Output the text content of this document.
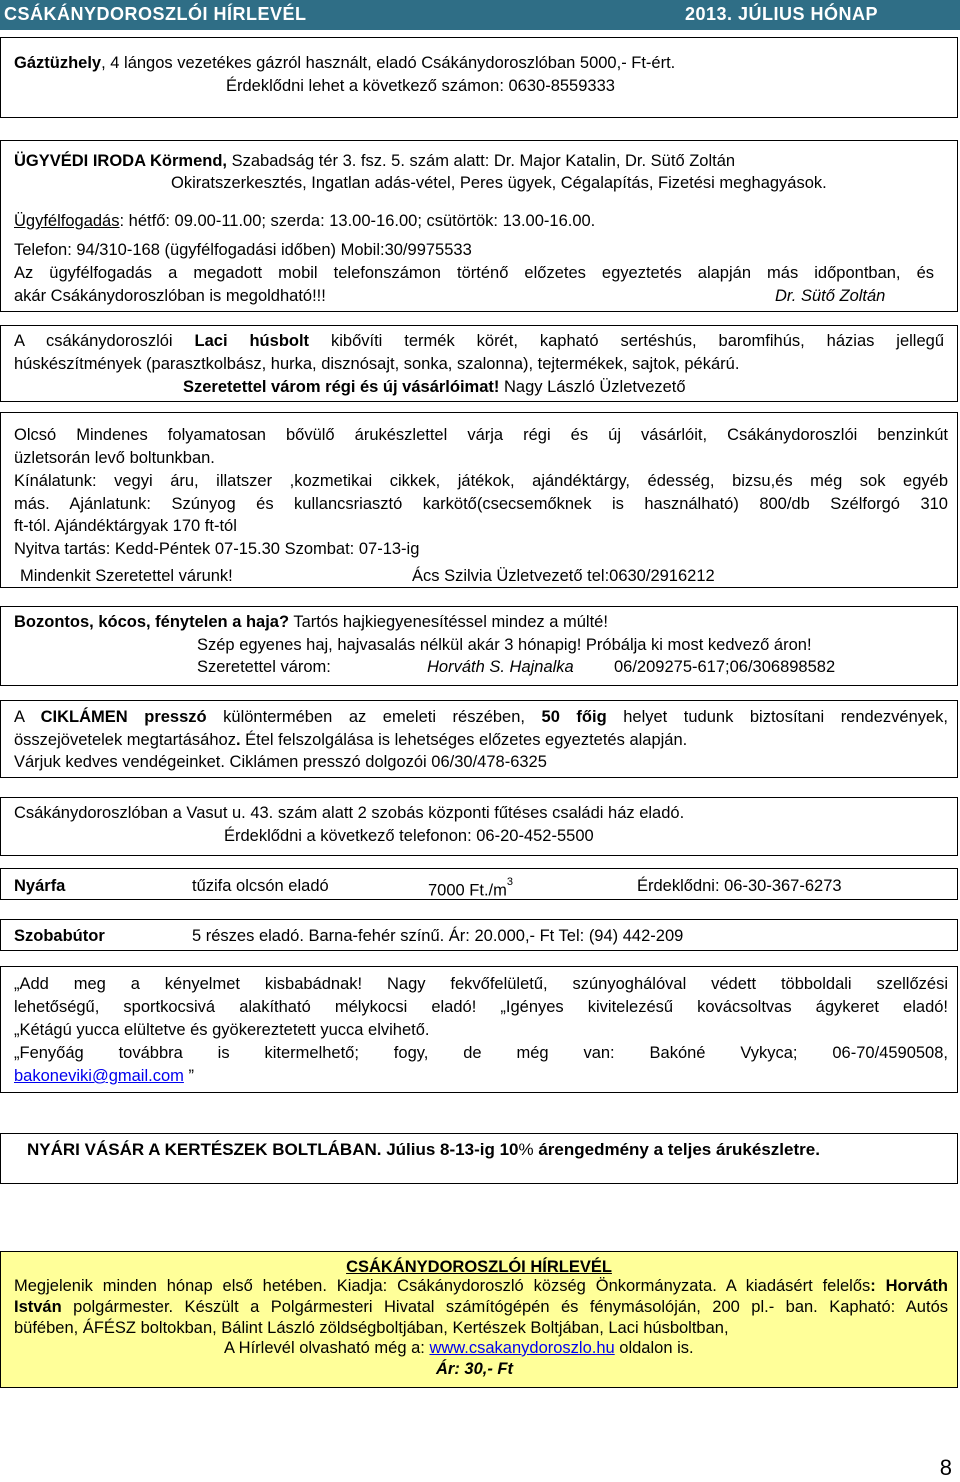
CSÁKÁNYDOROSZLÓI HÍRLEVÉL	2013. JÚLIUS HÓNAP
Gáztüzhely, 4 lángos vezetékes gázról használt, eladó Csákánydoroszlóban 5000,- Ft-ért.
Érdeklődni lehet a következő számon: 0630-8559333
ÜGYVÉDI IRODA Körmend, Szabadság tér 3. fsz. 5. szám alatt: Dr. Major Katalin, Dr. Sütő Zoltán
Okiratszerkesztés, Ingatlan adás-vétel, Peres ügyek, Cégalapítás, Fizetési meghagyások.
Ügyfélfogadás: hétfő: 09.00-11.00; szerda: 13.00-16.00; csütörtök: 13.00-16.00.
Telefon: 94/310-168 (ügyfélfogadási időben) Mobil:30/9975533
Az ügyfélfogadás a megadott mobil telefonszámon történő előzetes egyeztetés alapján más időpontban, és
akár Csákánydoroszlóban is megoldható!!!	Dr. Sütő Zoltán
A csákánydoroszlói Laci húsbolt kibővíti termék körét, kapható sertéshús, baromfihús, házias jellegű
húskészítmények (parasztkolbász, hurka, disznósajt, sonka, szalonna), tejtermékek, sajtok, pékárú.
Szeretettel várom régi és új vásárlóimat! Nagy László Üzletvezető
Olcsó Mindenes folyamatosan bővülő árukészlettel várja régi és új vásárlóit, Csákánydoroszlói benzinkút
üzletsorán levő boltunkban.
Kínálatunk: vegyi áru, illatszer ,kozmetikai cikkek, játékok, ajándéktárgy, édesség, bizsu,és még sok egyéb
más. Ajánlatunk: Szúnyog és kullancsriasztó karkötő(csecsemőknek is használható) 800/db Szélforgó 310
ft-tól. Ajándéktárgyak 170 ft-tól
Nyitva tartás: Kedd-Péntek 07-15.30 Szombat: 07-13-ig
Mindenkit Szeretettel várunk!	Ács Szilvia Üzletvezető tel:0630/2916212
Bozontos, kócos, fénytelen a haja? Tartós hajkiegyenesítéssel mindez a múlté!
Szép egyenes haj, hajvasalás nélkül akár 3 hónapig! Próbálja ki most kedvező áron!
Szeretettel várom:	Horváth S. Hajnalka 06/209275-617;06/306898582
A CIKLÁMEN presszó különtermében az emeleti részében, 50 főig helyet tudunk biztosítani rendezvények,
összejövetelek megtartásához. Étel felszolgálása is lehetséges előzetes egyeztetés alapján.
Várjuk kedves vendégeinket. Ciklámen presszó dolgozói 06/30/478-6325
Csákánydoroszlóban a Vasut u. 43. szám alatt 2 szobás központi fűtéses családi ház eladó.
Érdeklődni a következő telefonon: 06-20-452-5500
Nyárfa	tűzifa olcsón eladó	7000 $Ft./m^3$	Érdeklődni: 06-30-367-6273
Szobabútor	5 részes eladó. Barna-fehér színű. Ár: 20.000,- Ft Tel: (94) 442-209
„Add meg a kényelmet kisbabádnak! Nagy fekvőfelületű, szúnyoghálóval védett többoldali szellőzési
lehetőségű, sportkocsivá alakítható mélykocsi eladó! „Igényes kivitelezésű kovácsoltvas ágykeret eladó!
„Kétágú yucca elültetve és gyökereztetett yucca elvihető.
„Fenyőág továbbra is kitermelhető; fogy, de még van: Bakóné Vykyca; 06-70/4590508,
bakoneviki@gmail.com ”
NYÁRI VÁSÁR A KERTÉSZEK BOLTLÁBAN. Július 8-13-ig 10% árengedmény a teljes árukészletre.
CSÁKÁNYDOROSZLÓI HÍRLEVÉL
Megjelenik minden hónap első hetében. Kiadja: Csákánydoroszló község Önkormányzata. A kiadásért felelős: Horváth
István polgármester. Készült a Polgármesteri Hivatal számítógépén és fénymásolóján, 200 pl.- ban. Kapható: Autós
büfében, ÁFÉSZ boltokban, Bálint László zöldségboltjában, Kertészek Boltjában, Laci húsboltban,
A Hírlevél olvasható még a: www.csakanydoroszlo.hu oldalon is.
Ár: 30,- Ft
8
